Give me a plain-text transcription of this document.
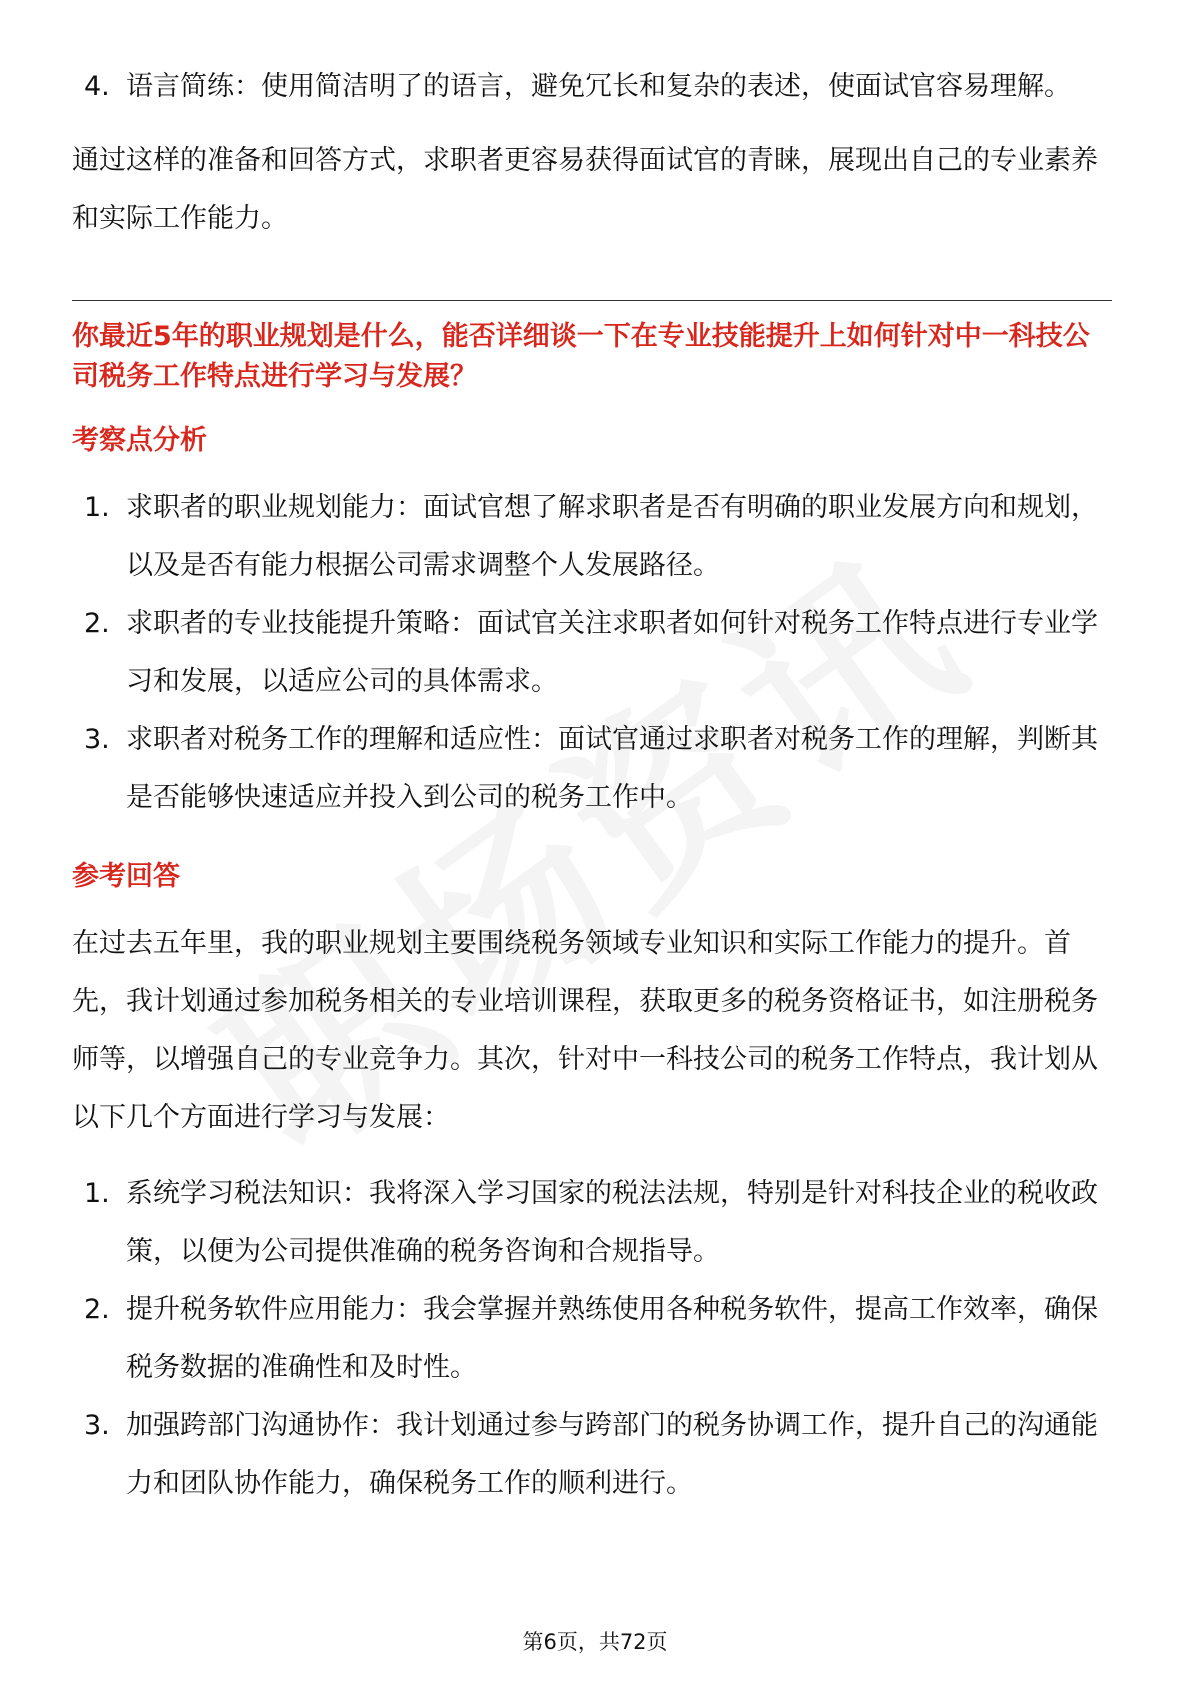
4. 语言简练：使用简洁明了的语言，避免冗长和复杂的表述，使面试官容易理解。

通过这样的准备和回答方式，求职者更容易获得面试官的青睐，展现出自己的专业素养和实际工作能力。

你最近5年的职业规划是什么，能否详细谈一下在专业技能提升上如何针对中一科技公司税务工作特点进行学习与发展？

考察点分析

1. 求职者的职业规划能力：面试官想了解求职者是否有明确的职业发展方向和规划，以及是否有能力根据公司需求调整个人发展路径。
2. 求职者的专业技能提升策略：面试官关注求职者如何针对税务工作特点进行专业学习和发展，以适应公司的具体需求。
3. 求职者对税务工作的理解和适应性：面试官通过求职者对税务工作的理解，判断其是否能够快速适应并投入到公司的税务工作中。

参考回答

在过去五年里，我的职业规划主要围绕税务领域专业知识和实际工作能力的提升。首先，我计划通过参加税务相关的专业培训课程，获取更多的税务资格证书，如注册税务师等，以增强自己的专业竞争力。其次，针对中一科技公司的税务工作特点，我计划从以下几个方面进行学习与发展：

1. 系统学习税法知识：我将深入学习国家的税法法规，特别是针对科技企业的税收政策，以便为公司提供准确的税务咨询和合规指导。
2. 提升税务软件应用能力：我会掌握并熟练使用各种税务软件，提高工作效率，确保税务数据的准确性和及时性。
3. 加强跨部门沟通协作：我计划通过参与跨部门的税务协调工作，提升自己的沟通能力和团队协作能力，确保税务工作的顺利进行。
第6页，共72页
